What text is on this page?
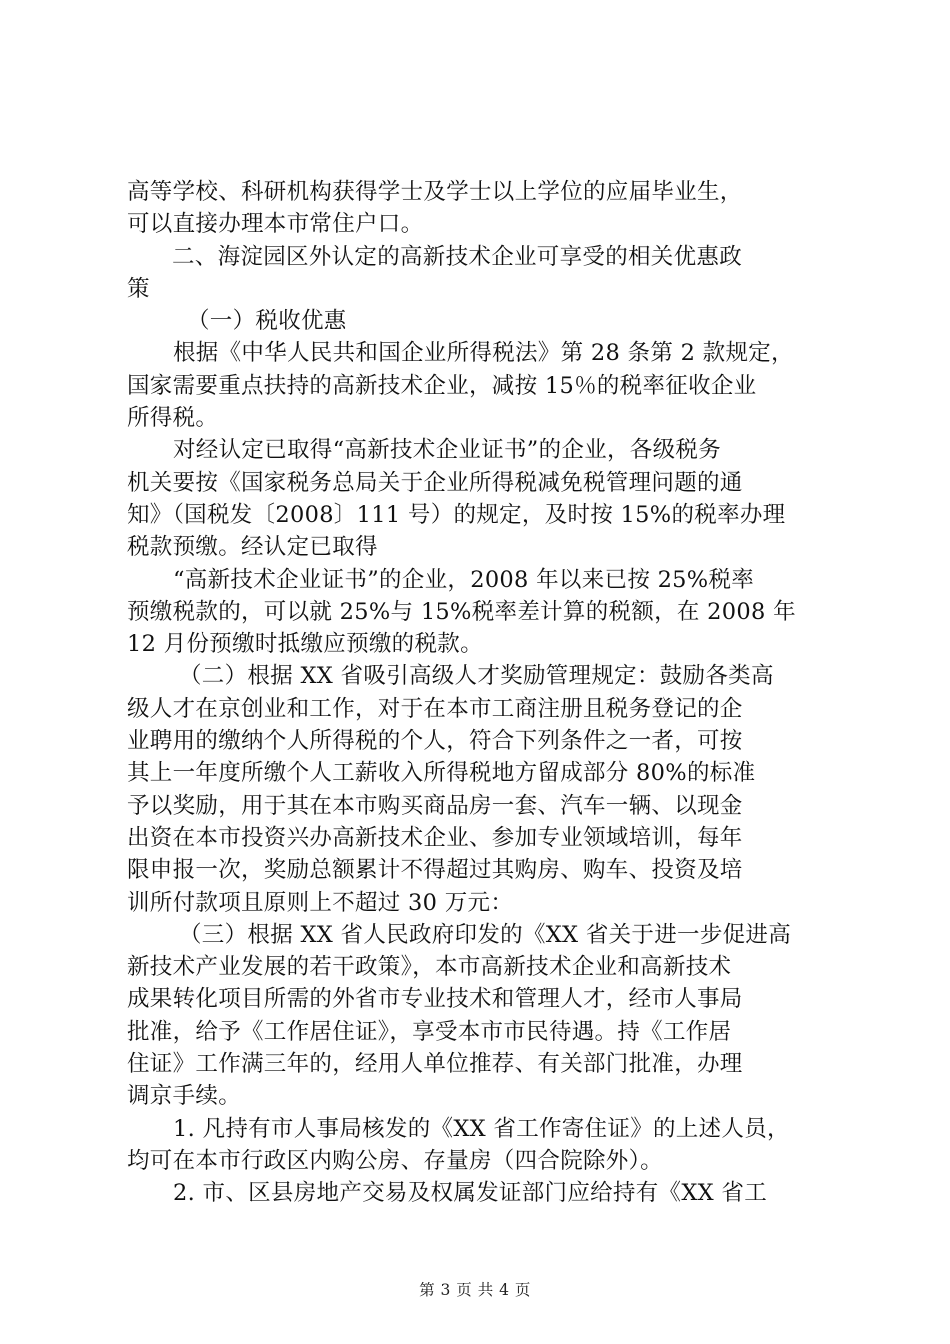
高等学校、科研机构获得学士及学士以上学位的应届毕业生，
可以直接办理本市常住户口。
二、海淀园区外认定的高新技术企业可享受的相关优惠政
策
（一）税收优惠
根据《中华人民共和国企业所得税法》第 28 条第 2 款规定，
国家需要重点扶持的高新技术企业，减按 15％的税率征收企业
所得税。
对经认定已取得“高新技术企业证书”的企业，各级税务
机关要按《国家税务总局关于企业所得税减免税管理问题的通
知》（国税发〔2008〕111 号）的规定，及时按 15%的税率办理
税款预缴。经认定已取得
“高新技术企业证书”的企业，2008 年以来已按 25%税率
预缴税款的，可以就 25%与 15%税率差计算的税额，在 2008 年
12 月份预缴时抵缴应预缴的税款。
（二）根据 XX 省吸引高级人才奖励管理规定：鼓励各类高
级人才在京创业和工作，对于在本市工商注册且税务登记的企
业聘用的缴纳个人所得税的个人，符合下列条件之一者，可按
其上一年度所缴个人工薪收入所得税地方留成部分 80%的标准
予以奖励，用于其在本市购买商品房一套、汽车一辆、以现金
出资在本市投资兴办高新技术企业、参加专业领域培训，每年
限申报一次，奖励总额累计不得超过其购房、购车、投资及培
训所付款项且原则上不超过 30 万元：
（三）根据 XX 省人民政府印发的《XX 省关于进一步促进高
新技术产业发展的若干政策》，本市高新技术企业和高新技术
成果转化项目所需的外省市专业技术和管理人才，经市人事局
批准，给予《工作居住证》，享受本市市民待遇。持《工作居
住证》工作满三年的，经用人单位推荐、有关部门批准，办理
调京手续。
1. 凡持有市人事局核发的《XX 省工作寄住证》的上述人员，
均可在本市行政区内购公房、存量房（四合院除外）。
2. 市、区县房地产交易及权属发证部门应给持有《XX 省工
第 3 页 共 4 页
